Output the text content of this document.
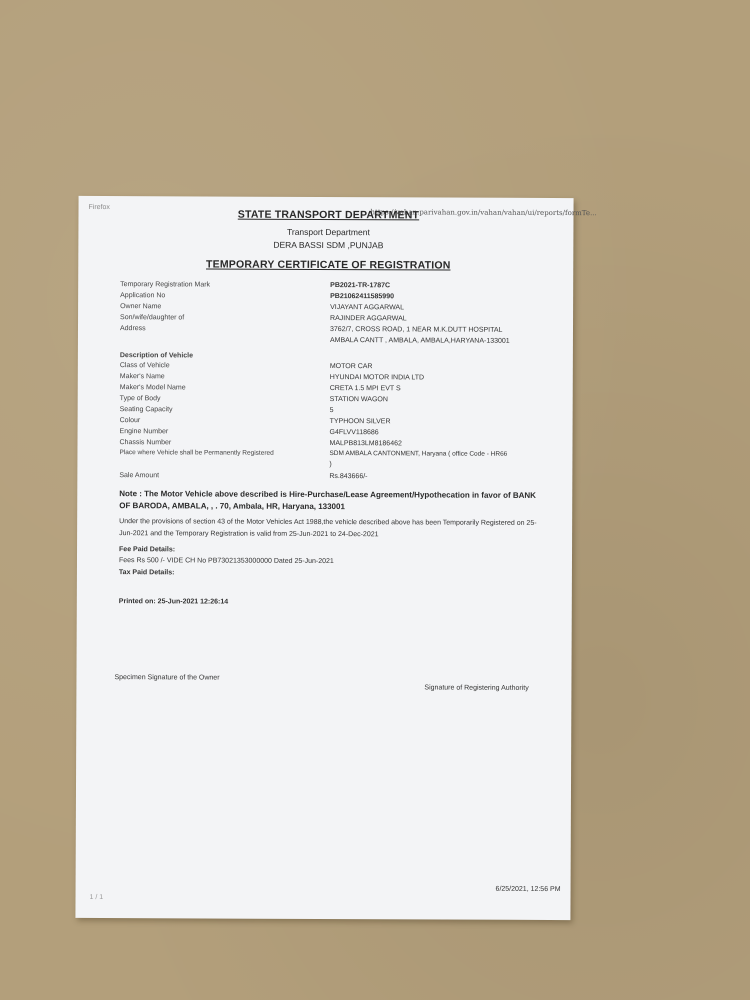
Firefox
https://vahan.parivahan.gov.in/vahan/vahan/ui/reports/formTe...
STATE TRANSPORT DEPARTMENT
Transport Department
DERA BASSI SDM ,PUNJAB
TEMPORARY CERTIFICATE OF REGISTRATION
Temporary Registration Mark	PB2021-TR-1787C
Application No	PB21062411585990
Owner Name	VIJAYANT AGGARWAL
Son/wife/daughter of	RAJINDER AGGARWAL
Address	3762/7, CROSS ROAD, 1 NEAR M.K.DUTT HOSPITAL
AMBALA CANTT , AMBALA, AMBALA,HARYANA-133001
Description of Vehicle
Class of Vehicle	MOTOR CAR
Maker's Name	HYUNDAI MOTOR INDIA LTD
Maker's Model Name	CRETA 1.5 MPI EVT S
Type of Body	STATION WAGON
Seating Capacity	5
Colour	TYPHOON SILVER
Engine Number	G4FLVV118686
Chassis Number	MALPB813LM8186462
Place where Vehicle shall be Permanently Registered	SDM AMBALA CANTONMENT, Haryana ( office Code - HR66
)
Sale Amount	Rs.843666/-
Note : The Motor Vehicle above described is Hire-Purchase/Lease Agreement/Hypothecation in favor of BANK OF BARODA, AMBALA, , . 70, Ambala, HR, Haryana, 133001
Under the provisions of section 43 of the Motor Vehicles Act 1988,the vehicle described above has been Temporarily Registered on 25-Jun-2021 and the Temporary Registration is valid from 25-Jun-2021 to 24-Dec-2021
Fee Paid Details:
Fees Rs 500 /- VIDE CH No PB73021353000000 Dated 25-Jun-2021
Tax Paid Details:
Printed on: 25-Jun-2021 12:26:14
Specimen Signature of the Owner
Signature of Registering Authority
1 / 1
6/25/2021, 12:56 PM
